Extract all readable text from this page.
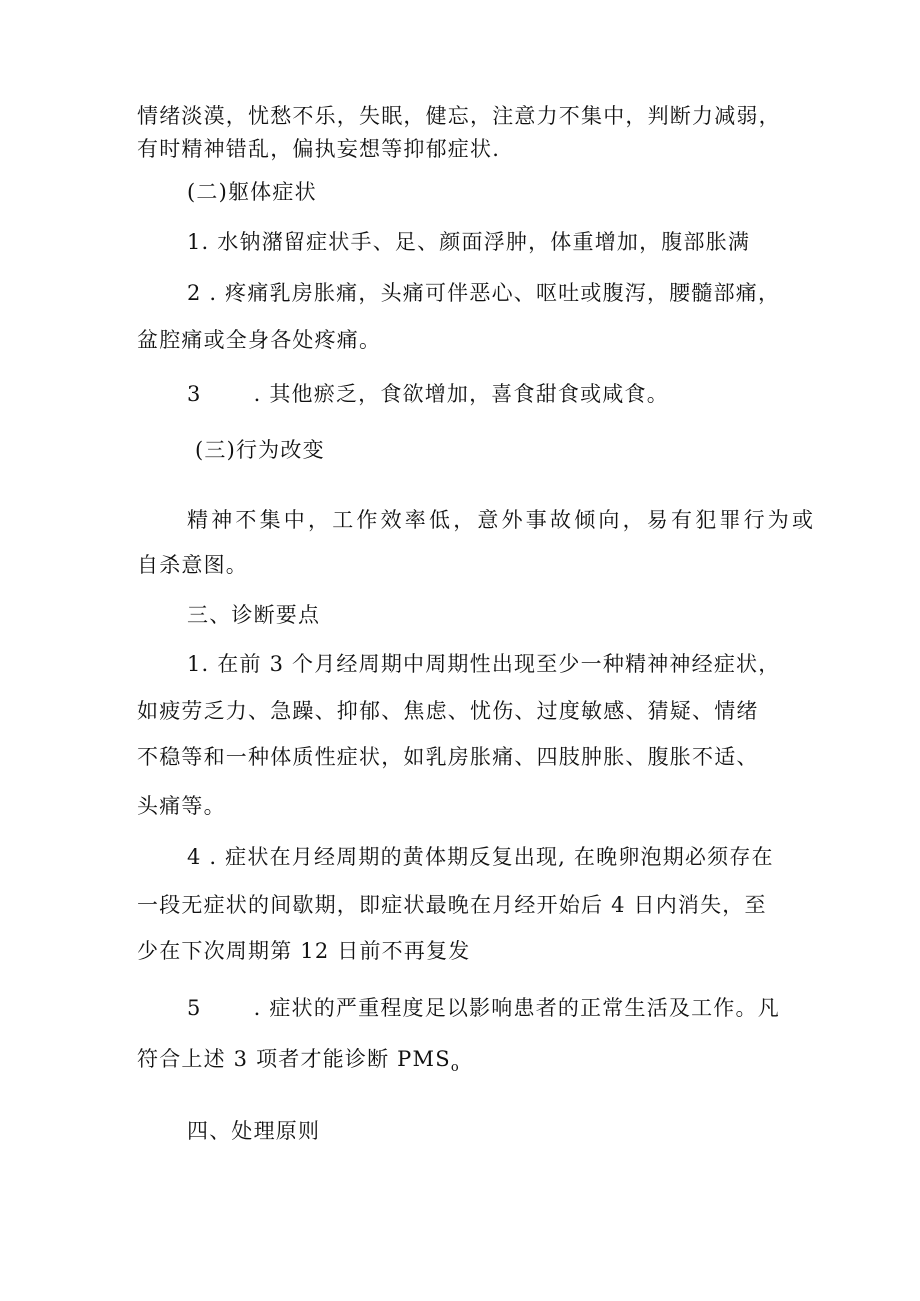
情绪淡漠，忧愁不乐，失眠，健忘，注意力不集中，判断力减弱，
有时精神错乱，偏执妄想等抑郁症状.
(二)躯体症状
1. 水钠潴留症状手、足、颜面浮肿，体重增加，腹部胀满
2 . 疼痛乳房胀痛，头痛可伴恶心、呕吐或腹泻，腰髓部痛，
盆腔痛或全身各处疼痛。
3 . 其他瘀乏，食欲增加，喜食甜食或咸食。
(三)行为改变
精神不集中，工作效率低，意外事故倾向，易有犯罪行为或
自杀意图。
三、诊断要点
1. 在前 3 个月经周期中周期性出现至少一种精神神经症状，
如疲劳乏力、急躁、抑郁、焦虑、忧伤、过度敏感、猜疑、情绪
不稳等和一种体质性症状，如乳房胀痛、四肢肿胀、腹胀不适、
头痛等。
4 . 症状在月经周期的黄体期反复出现, 在晚卵泡期必须存在
一段无症状的间歇期，即症状最晚在月经开始后 4 日内消失，至
少在下次周期第 12 日前不再复发
5 . 症状的严重程度足以影响患者的正常生活及工作。凡
符合上述 3 项者才能诊断 $PMS_o$
四、处理原则
